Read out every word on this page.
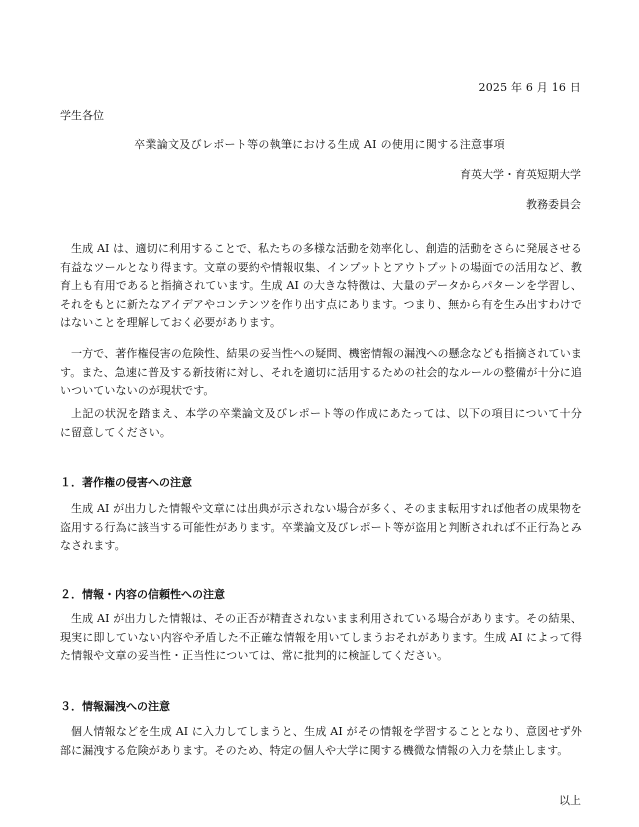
2025 年 6 月 16 日
学生各位
卒業論文及びレポート等の執筆における生成 AI の使用に関する注意事項
育英大学・育英短期大学
教務委員会

生成 AI は、適切に利用することで、私たちの多様な活動を効率化し、創造的活動をさらに発展させる有益なツールとなり得ます。文章の要約や情報収集、インプットとアウトプットの場面での活用など、教育上も有用であると指摘されています。生成 AI の大きな特徴は、大量のデータからパターンを学習し、それをもとに新たなアイデアやコンテンツを作り出す点にあります。つまり、無から有を生み出すわけではないことを理解しておく必要があります。

一方で、著作権侵害の危険性、結果の妥当性への疑問、機密情報の漏洩への懸念なども指摘されています。また、急速に普及する新技術に対し、それを適切に活用するための社会的なルールの整備が十分に追いついていないのが現状です。

上記の状況を踏まえ、本学の卒業論文及びレポート等の作成にあたっては、以下の項目について十分に留意してください。

１．著作権の侵害への注意

生成 AI が出力した情報や文章には出典が示されない場合が多く、そのまま転用すれば他者の成果物を盗用する行為に該当する可能性があります。卒業論文及びレポート等が盗用と判断されれば不正行為とみなされます。

２．情報・内容の信頼性への注意

生成 AI が出力した情報は、その正否が精査されないまま利用されている場合があります。その結果、現実に即していない内容や矛盾した不正確な情報を用いてしまうおそれがあります。生成 AI によって得た情報や文章の妥当性・正当性については、常に批判的に検証してください。

３．情報漏洩への注意

個人情報などを生成 AI に入力してしまうと、生成 AI がその情報を学習することとなり、意図せず外部に漏洩する危険があります。そのため、特定の個人や大学に関する機微な情報の入力を禁止します。

以上
